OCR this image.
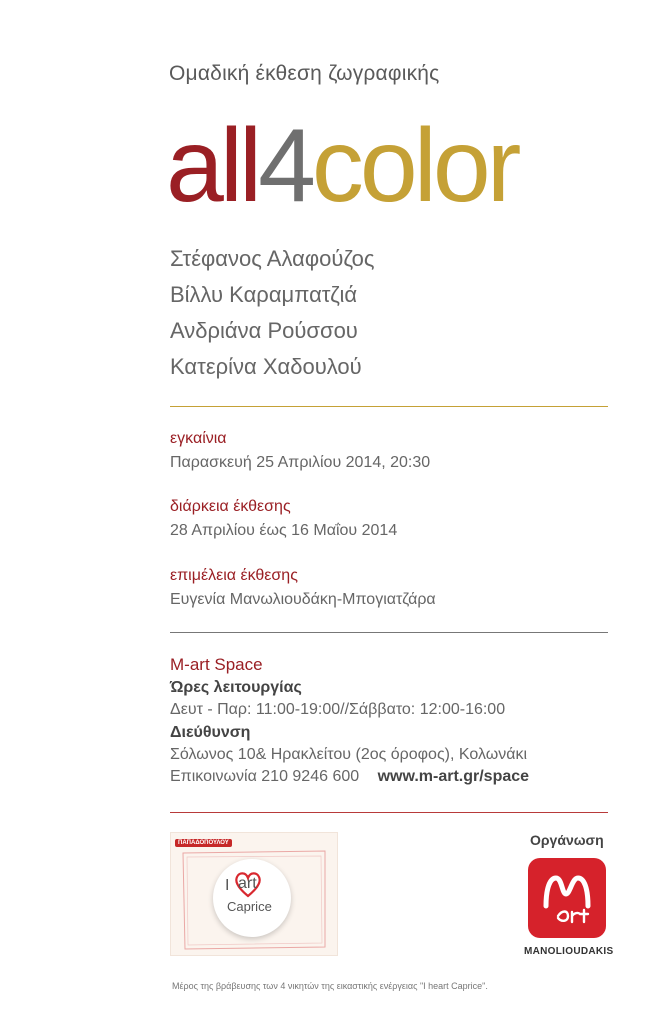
Ομαδική έκθεση ζωγραφικής
all4color
Στέφανος Αλαφούζος
Βίλλυ Καραμπατζιά
Ανδριάνα Ρούσσου
Κατερίνα Χαδουλού
εγκαίνια
Παρασκευή 25 Απριλίου 2014, 20:30
διάρκεια έκθεσης
28 Απριλίου έως 16 Μαΐου 2014
επιμέλεια έκθεσης
Ευγενία Μανωλιουδάκη-Μπογιατζάρα
M-art Space
Ώρες λειτουργίας
Δευτ - Παρ: 11:00-19:00//Σάββατο: 12:00-16:00
Διεύθυνση
Σόλωνος 10& Ηρακλείτου (2ος όροφος), Κολωνάκι
Επικοινωνία 210 9246 600 www.m-art.gr/space
ΠΑΠΑΔΟΠΟΥΛΟΥ
I art
Caprice
Οργάνωση
MANOLIOUDAKIS
Μέρος της βράβευσης των 4 νικητών της εικαστικής ενέργειας "I heart Caprice".
